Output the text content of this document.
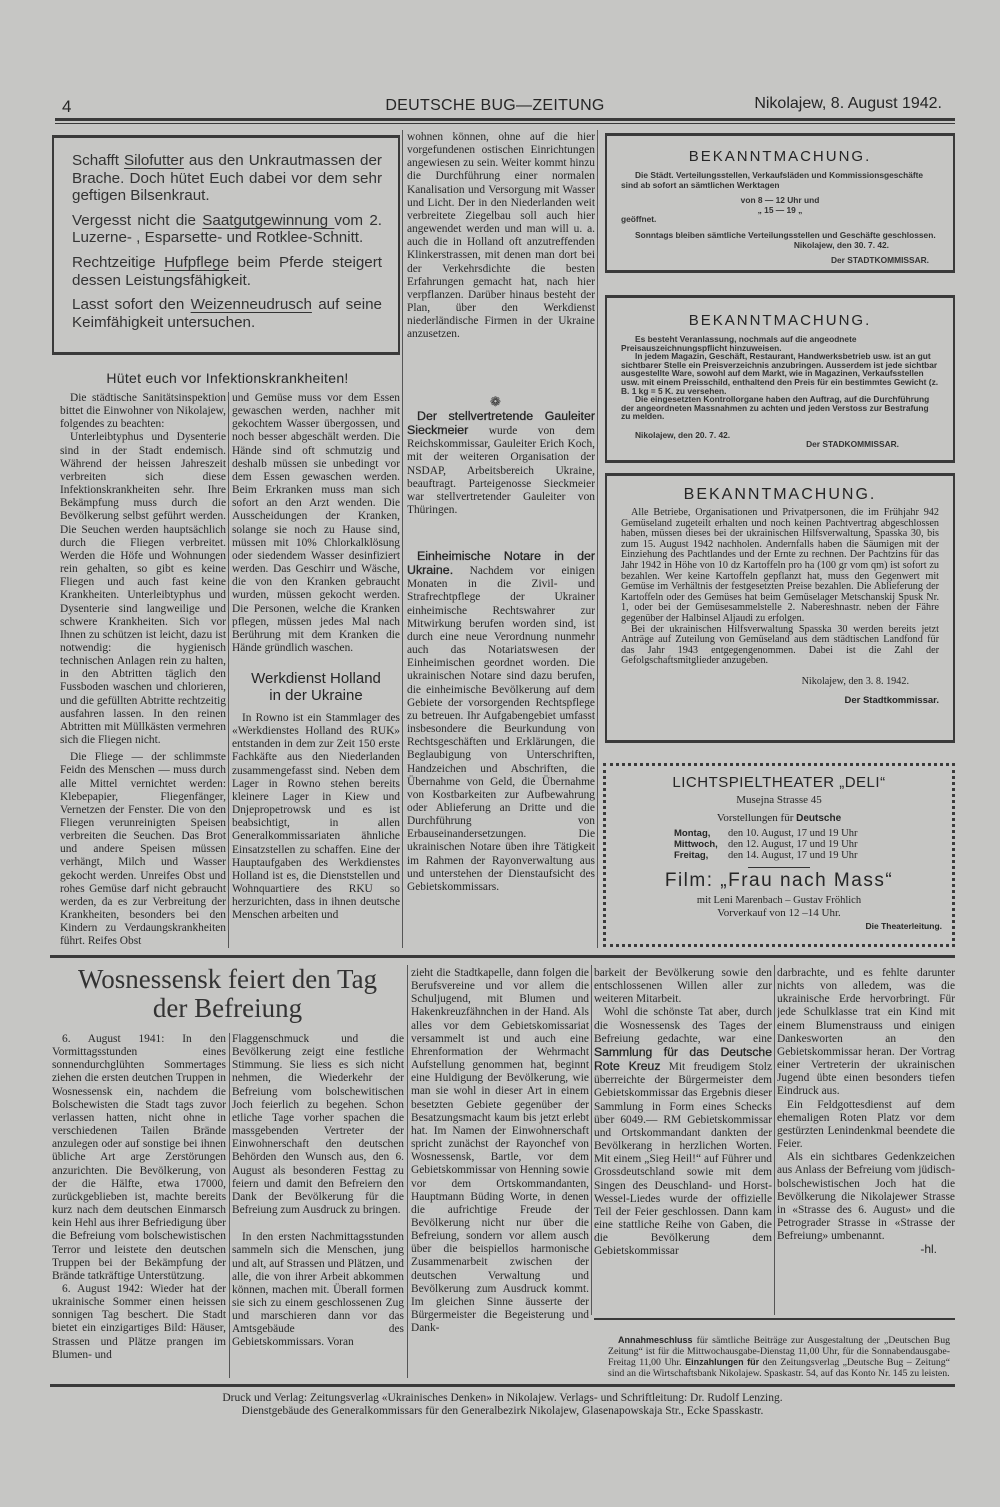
4	DEUTSCHE BUG—ZEITUNG	Nikolajew, 8. August 1942.
Schafft Silofutter aus den Unkrautmassen der Brache. Doch hütet Euch dabei vor dem sehr geftigen Bilsenkraut.
Vergesst nicht die Saatgutgewinnung vom 2. Luzerne- , Esparsette- und Rotklee-Schnitt.
Rechtzeitige Hufpflege beim Pferde steigert dessen Leistungsfähigkeit.
Lasst sofort den Weizenneudrusch auf seine Keimfähigkeit untersuchen.
Hütet euch vor Infektionskrankheiten!

Die städtische Sanitätsinspektion bittet die Einwohner von Nikolajew, folgendes zu beachten:

Unterleibtyphus und Dysenterie sind in der Stadt endemisch. Während der heissen Jahreszeit verbreiten sich diese Infektionskrankheiten sehr. Ihre Bekämpfung muss durch die Bevölkerung selbst geführt werden. Die Seuchen werden hauptsächlich durch die Fliegen verbreitet. Werden die Höfe und Wohnungen rein gehalten, so gibt es keine Fliegen und auch fast keine Krankheiten. Unterleibtyphus und Dysenterie sind langweilige und schwere Krankheiten. Sich vor Ihnen zu schützen ist leicht, dazu ist notwendig: die hygienisch technischen Anlagen rein zu halten, in den Abtritten täglich den Fussboden waschen und chlorieren, und die gefüllten Abtritte rechtzeitig ausfahren lassen. In den reinen Abtritten mit Müllkästen vermehren sich die Fliegen nicht.

Die Fliege — der schlimmste Feidn des Menschen — muss durch alle Mittel vernichtet werden: Klebepapier, Fliegenfänger, Vernetzen der Fenster. Die von den Fliegen verunreinigten Speisen verbreiten die Seuchen. Das Brot und andere Speisen müssen verhängt, Milch und Wasser gekocht werden. Unreifes Obst und rohes Gemüse darf nicht gebraucht werden, da es zur Verbreitung der Krankheiten, besonders bei den Kindern zu Verdaungskrankheiten führt. Reifes Obst

und Gemüse muss vor dem Essen gewaschen werden, nachher mit gekochtem Wasser übergossen, und noch besser abgeschält werden. Die Hände sind oft schmutzig und deshalb müssen sie unbedingt vor dem Essen gewaschen werden. Beim Erkranken muss man sich sofort an den Arzt wenden. Die Ausscheidungen der Kranken, solange sie noch zu Hause sind, müssen mit 10% Chlorkalklösung oder siedendem Wasser desinfiziert werden. Das Geschirr und Wäsche, die von den Kranken gebraucht wurden, müssen gekocht werden. Die Personen, welche die Kranken pflegen, müssen jedes Mal nach Berührung mit dem Kranken die Hände gründlich waschen.

Werkdienst Holland
in der Ukraine

In Rowno ist ein Stammlager des «Werkdienstes Holland des RUK» entstanden in dem zur Zeit 150 erste Fachkäfte aus den Niederlanden zusammengefasst sind. Neben dem Lager in Rowno stehen bereits kleinere Lager in Kiew und Dnjepropetrowsk und es ist beabsichtigt, in allen Generalkommissariaten ähnliche Einsatzstellen zu schaffen. Eine der Hauptaufgaben des Werkdienstes Holland ist es, die Dienststellen und Wohnquartiere des RKU so herzurichten, dass in ihnen deutsche Menschen arbeiten und

wohnen können, ohne auf die hier vorgefundenen ostischen Einrichtungen angewiesen zu sein. Weiter kommt hinzu die Durchführung einer normalen Kanalisation und Versorgung mit Wasser und Licht. Der in den Niederlanden weit verbreitete Ziegelbau soll auch hier angewendet werden und man will u. a. auch die in Holland oft anzutreffenden Klinkerstrassen, mit denen man dort bei der Verkehrsdichte die besten Erfahrungen gemacht hat, nach hier verpflanzen. Darüber hinaus besteht der Plan, über den Werkdienst niederländische Firmen in der Ukraine anzusetzen.

❁

Der stellvertretende Gauleiter Sieckmeier wurde von dem Reichskommissar, Gauleiter Erich Koch, mit der weiteren Organisation der NSDAP, Arbeitsbereich Ukraine, beauftragt. Parteigenosse Sieckmeier war stellvertretender Gauleiter von Thüringen.

Einheimische Notare in der Ukraine. Nachdem vor einigen Monaten in die Zivil- und Strafrechtpflege der Ukrainer einheimische Rechtswahrer zur Mitwirkung berufen worden sind, ist durch eine neue Verordnung nunmehr auch das Notariatswesen der Einheimischen geordnet worden. Die ukrainischen Notare sind dazu berufen, die einheimische Bevölkerung auf dem Gebiete der vorsorgenden Rechtspflege zu betreuen. Ihr Aufgabengebiet umfasst insbesondere die Beurkundung von Rechtsgeschäften und Erklärungen, die Beglaubigung von Unterschriften, Handzeichen und Abschriften, die Übernahme von Geld, die Übernahme von Kostbarkeiten zur Aufbewahrung oder Ablieferung an Dritte und die Durchführung von Erbauseinandersetzungen. Die ukrainischen Notare üben ihre Tätigkeit im Rahmen der Rayonverwaltung aus und unterstehen der Dienstaufsicht des Gebietskommissars.

BEKANNTMACHUNG.

Die Städt. Verteilungsstellen, Verkaufsläden und Kommissionsgeschäfte sind ab sofort an sämtlichen Werktagen

von 8 — 12 Uhr und

„ 15 — 19 „

geöffnet.

Sonntags bleiben sämtliche Verteilungsstellen und Geschäfte geschlossen.

Nikolajew, den 30. 7. 42.

Der STADTKOMMISSAR.

BEKANNTMACHUNG.

Es besteht Veranlassung, nochmals auf die angeodnete Preisauszeichnungspflicht hinzuweisen.

In jedem Magazin, Geschäft, Restaurant, Handwerksbetrieb usw. ist an gut sichtbarer Stelle ein Preisverzeichnis anzubringen. Ausserdem ist jede sichtbar ausgestellte Ware, sowohl auf dem Markt, wie in Magazinen, Verkaufsstellen usw. mit einem Preisschild, enthaltend den Preis für ein bestimmtes Gewicht (z. B. 1 kg = 5 K. zu versehen.

Die eingesetzten Kontrollorgane haben den Auftrag, auf die Durchführung der angeordneten Massnahmen zu achten und jeden Verstoss zur Bestrafung zu melden.

Nikolajew, den 20. 7. 42.

Der STADKOMMISSAR.

BEKANNTMACHUNG.

Alle Betriebe, Organisationen und Privatpersonen, die im Frühjahr 942 Gemüseland zugeteilt erhalten und noch keinen Pachtvertrag abgeschlossen haben, müssen dieses bei der ukrainischen Hilfsverwaltung, Spasska 30, bis zum 15. August 1942 nachholen. Andernfalls haben die Säumigen mit der Einziehung des Pachtlandes und der Ernte zu rechnen. Der Pachtzins für das Jahr 1942 in Höhe von 10 dz Kartoffeln pro ha (100 gr vom qm) ist sofort zu bezahlen. Wer keine Kartoffeln gepflanzt hat, muss den Gegenwert mit Gemüse im Verhältnis der festgesetzten Preise bezahlen. Die Ablieferung der Kartoffeln oder des Gemüses hat beim Gemüselager Metschanskij Spusk Nr. 1, oder bei der Gemüsesammelstelle 2. Nabereshnastr. neben der Fähre gegenüber der Halbinsel Aljaudi zu erfolgen.

Bei der ukrainischen Hilfsverwaltung Spasska 30 werden bereits jetzt Anträge auf Zuteilung von Gemüseland aus dem städtischen Landfond für das Jahr 1943 entgegengenommen. Dabei ist die Zahl der Gefolgschaftsmitglieder anzugeben.

Nikolajew, den 3. 8. 1942.

Der Stadtkommissar.

LICHTSPIELTHEATER „DELI“
Musejna Strasse 45
Vorstellungen für Deutsche
Montag, den 10. August, 17 und 19 Uhr
Mittwoch, den 12. August, 17 und 19 Uhr
Freitag, den 14. August, 17 und 19 Uhr
Film: „Frau nach Mass“
mit Leni Marenbach – Gustav Fröhlich
Vorverkauf von 12 –14 Uhr.
Die Theaterleitung.
Wosnessensk feiert den Tag
der Befreiung

6. August 1941: In den Vormittagsstunden eines sonnendurchglühten Sommertages ziehen die ersten deutchen Truppen in Wosnessensk ein, nachdem die Bolschewisten die Stadt tags zuvor verlassen hatten, nicht ohne in verschiedenen Tailen Brände anzulegen oder auf sonstige bei ihnen übliche Art arge Zerstörungen anzurichten. Die Bevölkerung, von der die Hälfte, etwa 17000, zurückgeblieben ist, machte bereits kurz nach dem deutschen Einmarsch kein Hehl aus ihrer Befriedigung über die Befreiung vom bolschewistischen Terror und leistete den deutschen Truppen bei der Bekämpfung der Brände tatkräftige Unterstützung.

6. August 1942: Wieder hat der ukrainische Sommer einen heissen sonnigen Tag beschert. Die Stadt bietet ein einzigartiges Bild: Häuser, Strassen und Plätze prangen im Blumen- und

Flaggenschmuck und die Bevölkerung zeigt eine festliche Stimmung. Sie liess es sich nicht nehmen, die Wiederkehr der Befreiung vom bolschewitischen Joch feierlich zu begehen. Schon etliche Tage vorher spachen die massgebenden Vertreter der Einwohnerschaft den deutschen Behörden den Wunsch aus, den 6. August als besonderen Festtag zu feiern und damit den Befreiern den Dank der Bevölkerung für die Befreiung zum Ausdruck zu bringen.

In den ersten Nachmittagsstunden sammeln sich die Menschen, jung und alt, auf Strassen und Plätzen, und alle, die von ihrer Arbeit abkommen können, machen mit. Überall formen sie sich zu einem geschlossenen Zug und marschieren dann vor das Amtsgebäude des Gebietskommissars. Voran

zieht die Stadtkapelle, dann folgen die Berufsvereine und vor allem die Schuljugend, mit Blumen und Hakenkreuzfähnchen in der Hand. Als alles vor dem Gebietskomissariat versammelt ist und auch eine Ehrenformation der Wehrmacht Aufstellung genommen hat, beginnt eine Huldigung der Bevölkerung, wie man sie wohl in dieser Art in einem besetzten Gebiete gegenüber der Besatzungsmacht kaum bis jetzt erlebt hat. Im Namen der Einwohnerschaft spricht zunächst der Rayonchef von Wosnessensk, Bartle, vor dem Gebietskommissar von Henning sowie vor dem Ortskommandanten, Hauptmann Büding Worte, in denen die aufrichtige Freude der Bevölkerung nicht nur über die Befreiung, sondern vor allem ausch über die beispiellos harmonische Zusammenarbeit zwischen der deutschen Verwaltung und Bevölkerung zum Ausdruck kommt. Im gleichen Sinne äusserte der Bürgermeister die Begeisterung und Dank-

barkeit der Bevölkerung sowie den entschlossenen Willen aller zur weiteren Mitarbeit.

Wohl die schönste Tat aber, durch die Wosnessensk des Tages der Befreiung gedachte, war eine Sammlung für das Deutsche Rote Kreuz Mit freudigem Stolz überreichte der Bürgermeister dem Gebietskommissar das Ergebnis dieser Sammlung in Form eines Schecks über 6049.— RM Gebietskommissar und Ortskommandant dankten der Bevölkerang in herzlichen Worten. Mit einem „Sieg Heil!“ auf Führer und Grossdeutschland sowie mit dem Singen des Deuschland- und Horst-Wessel-Liedes wurde der offizielle Teil der Feier geschlossen. Dann kam eine stattliche Reihe von Gaben, die die Bevölkerung dem Gebietskommissar

darbrachte, und es fehlte darunter nichts von alledem, was die ukrainische Erde hervorbringt. Für jede Schulklasse trat ein Kind mit einem Blumenstrauss und einigen Dankesworten an den Gebietskommissar heran. Der Vortrag einer Vertreterin der ukrainischen Jugend übte einen besonders tiefen Eindruck aus.

Ein Feldgottesdienst auf dem ehemaligen Roten Platz vor dem gestürzten Lenindenkmal beendete die Feier.

Als ein sichtbares Gedenkzeichen aus Anlass der Befreiung vom jüdisch-bolschewistischen Joch hat die Bevölkerung die Nikolajewer Strasse in «Strasse des 6. August» und die Petrograder Strasse in «Strasse der Befreiung» umbenannt.

-hl.

Annahmeschluss für sämtliche Beiträge zur Ausgestaltung der „Deutschen Bug Zeitung“ ist für die Mittwochausgabe-Dienstag 11,00 Uhr, für die Sonnabendausgabe-Freitag 11,00 Uhr. Einzahlungen für den Zeitungsverlag „Deutsche Bug – Zeitung“ sind an die Wirtschaftsbank Nikolajew. Spaskastr. 54, auf das Konto Nr. 145 zu leisten.

Druck und Verlag: Zeitungsverlag «Ukrainisches Denken» in Nikolajew. Verlags- und Schriftleitung: Dr. Rudolf Lenzing.
Dienstgebäude des Generalkommissars für den Generalbezirk Nikolajew, Glasenapowskaja Str., Ecke Spasskastr.
